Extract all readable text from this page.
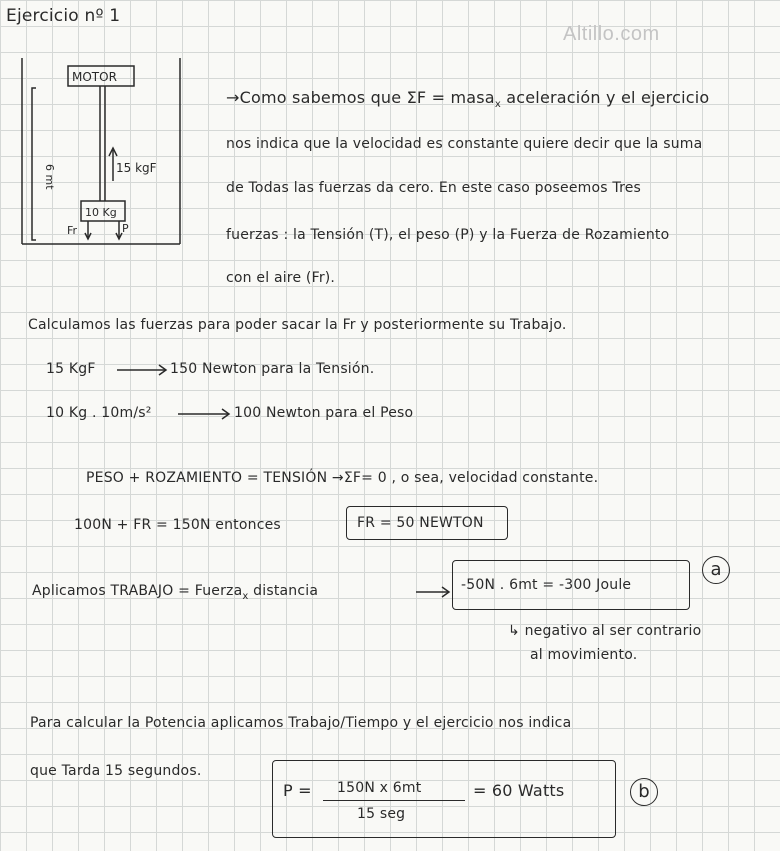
Altillo.com
Ejercicio nº 1
MOTOR
6 mt	15 kgF
10 Kg
Fr	P
→Como sabemos que ΣF = masa$_x$ aceleración y el ejercicio
nos indica que la velocidad es constante quiere decir que la suma
de Todas las fuerzas da cero. En este caso poseemos Tres
fuerzas : la Tensión (T), el peso (P) y la Fuerza de Rozamiento
con el aire (Fr).
Calculamos las fuerzas para poder sacar la Fr y posteriormente su Trabajo.
15 KgF	150 Newton para la Tensión.
10 Kg . 10m/s²	100 Newton para el Peso
PESO + ROZAMIENTO = TENSIÓN →ΣF= 0 , o sea, velocidad constante.
100N + FR = 150N entonces	FR = 50 NEWTON
Aplicamos TRABAJO = Fuerza$_x$ distancia	-50N . 6mt = -300 Joule
a
↳ negativo al ser contrario
al movimiento.
Para calcular la Potencia aplicamos Trabajo/Tiempo y el ejercicio nos indica
que Tarda 15 segundos.
P = 150N x 6mt
15 seg
= 60 Watts	b
